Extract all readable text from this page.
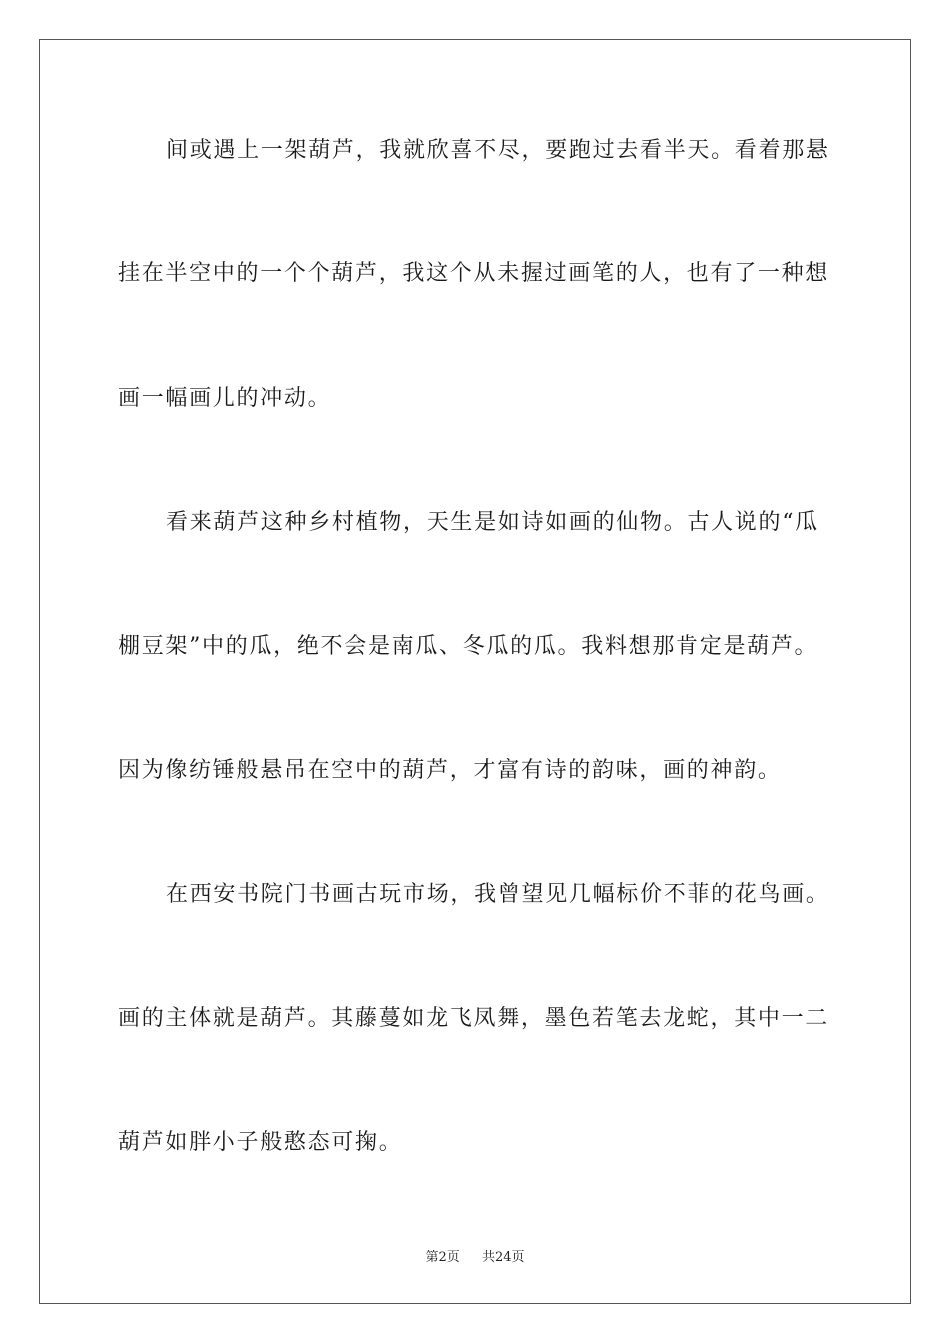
间或遇上一架葫芦，我就欣喜不尽，要跑过去看半天。看着那悬
挂在半空中的一个个葫芦，我这个从未握过画笔的人，也有了一种想
画一幅画儿的冲动。
看来葫芦这种乡村植物，天生是如诗如画的仙物。古人说的“瓜
棚豆架”中的瓜，绝不会是南瓜、冬瓜的瓜。我料想那肯定是葫芦。
因为像纺锤般悬吊在空中的葫芦，才富有诗的韵味，画的神韵。
在西安书院门书画古玩市场，我曾望见几幅标价不菲的花鸟画。
画的主体就是葫芦。其藤蔓如龙飞凤舞，墨色若笔去龙蛇，其中一二
葫芦如胖小子般憨态可掬。
第2页 共24页
